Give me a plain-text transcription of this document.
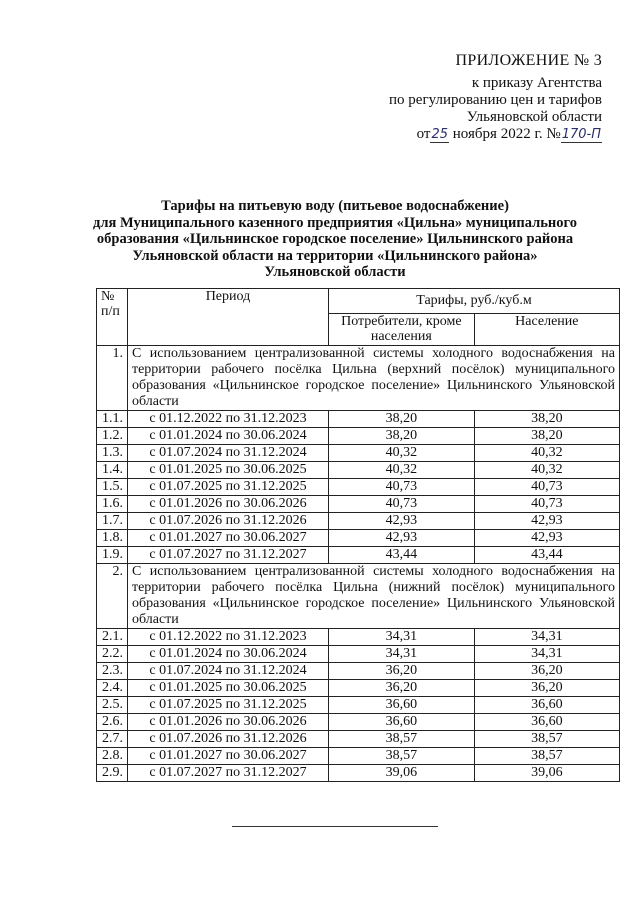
ПРИЛОЖЕНИЕ № 3
к приказу Агентства
по регулированию цен и тарифов
Ульяновской области
от25 ноября 2022 г. №170-П
Тарифы на питьевую воду (питьевое водоснабжение)
для Муниципального казенного предприятия «Цильна» муниципального
образования «Цильнинское городское поселение» Цильнинского района
Ульяновской области на территории «Цильнинского района»
Ульяновской области
№ п/п	Период	Тарифы, руб./куб.м	
		Потребители, кроме населения	Население
1.	С использованием централизованной системы холодного водоснабжения на территории рабочего посёлка Цильна (верхний посёлок) муниципального образования «Цильнинское городское поселение» Цильнинского Ульяновской области		
1.1.	с 01.12.2022 по 31.12.2023	38,20	38,20
1.2.	с 01.01.2024 по 30.06.2024	38,20	38,20
1.3.	с 01.07.2024 по 31.12.2024	40,32	40,32
1.4.	с 01.01.2025 по 30.06.2025	40,32	40,32
1.5.	с 01.07.2025 по 31.12.2025	40,73	40,73
1.6.	с 01.01.2026 по 30.06.2026	40,73	40,73
1.7.	с 01.07.2026 по 31.12.2026	42,93	42,93
1.8.	с 01.01.2027 по 30.06.2027	42,93	42,93
1.9.	с 01.07.2027 по 31.12.2027	43,44	43,44
2.	С использованием централизованной системы холодного водоснабжения на территории рабочего посёлка Цильна (нижний посёлок) муниципального образования «Цильнинское городское поселение» Цильнинского Ульяновской области		
2.1.	с 01.12.2022 по 31.12.2023	34,31	34,31
2.2.	с 01.01.2024 по 30.06.2024	34,31	34,31
2.3.	с 01.07.2024 по 31.12.2024	36,20	36,20
2.4.	с 01.01.2025 по 30.06.2025	36,20	36,20
2.5.	с 01.07.2025 по 31.12.2025	36,60	36,60
2.6.	с 01.01.2026 по 30.06.2026	36,60	36,60
2.7.	с 01.07.2026 по 31.12.2026	38,57	38,57
2.8.	с 01.01.2027 по 30.06.2027	38,57	38,57
2.9.	с 01.07.2027 по 31.12.2027	39,06	39,06
